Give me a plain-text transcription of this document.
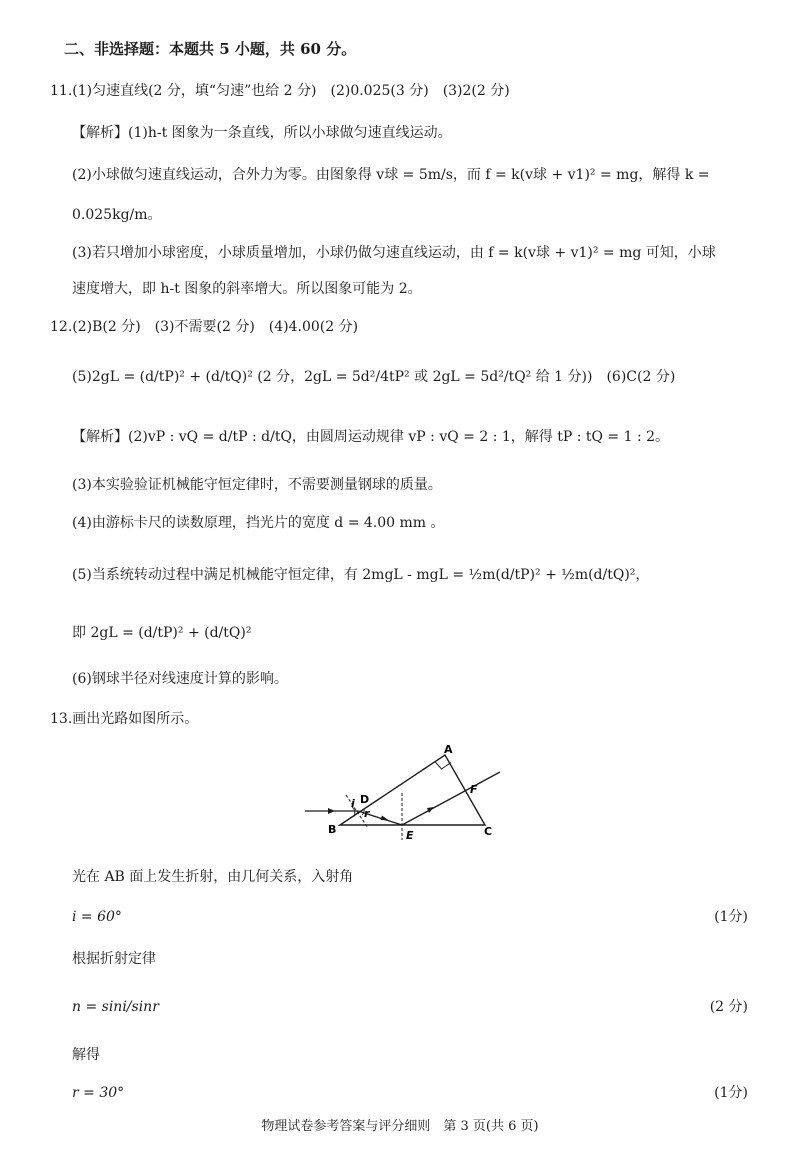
二、非选择题：本题共 5 小题，共 60 分。
11.(1)匀速直线(2 分，填“匀速”也给 2 分)　(2)0.025(3 分)　(3)2(2 分)
【解析】(1)h-t 图象为一条直线，所以小球做匀速直线运动。
(2)小球做匀速直线运动，合外力为零。由图象得 v球 = 5m/s，而 f = k(v球 + v1)² = mg，解得 k =
0.025kg/m。
(3)若只增加小球密度，小球质量增加，小球仍做匀速直线运动，由 f = k(v球 + v1)² = mg 可知，小球
速度增大，即 h-t 图象的斜率增大。所以图象可能为 2。
12.(2)B(2 分)　(3)不需要(2 分)　(4)4.00(2 分)
(5)2gL = (d/tP)² + (d/tQ)² (2 分，2gL = 5d²/4tP² 或 2gL = 5d²/tQ² 给 1 分))　(6)C(2 分)
【解析】(2)vP : vQ = d/tP : d/tQ，由圆周运动规律 vP : vQ = 2 : 1，解得 tP : tQ = 1 : 2。
(3)本实验验证机械能守恒定律时，不需要测量钢球的质量。
(4)由游标卡尺的读数原理，挡光片的宽度 d = 4.00 mm 。
(5)当系统转动过程中满足机械能守恒定律，有 2mgL - mgL = ½m(d/tP)² + ½m(d/tQ)²，
即 2gL = (d/tP)² + (d/tQ)²
(6)钢球半径对线速度计算的影响。
13.画出光路如图所示。
A
B	C
D
E
F
i
r
光在 AB 面上发生折射，由几何关系，入射角
i = 60°	(1分)
根据折射定律
n = sini/sinr	(2 分)
解得
r = 30°	(1分)
物理试卷参考答案与评分细则　第 3 页(共 6 页)
